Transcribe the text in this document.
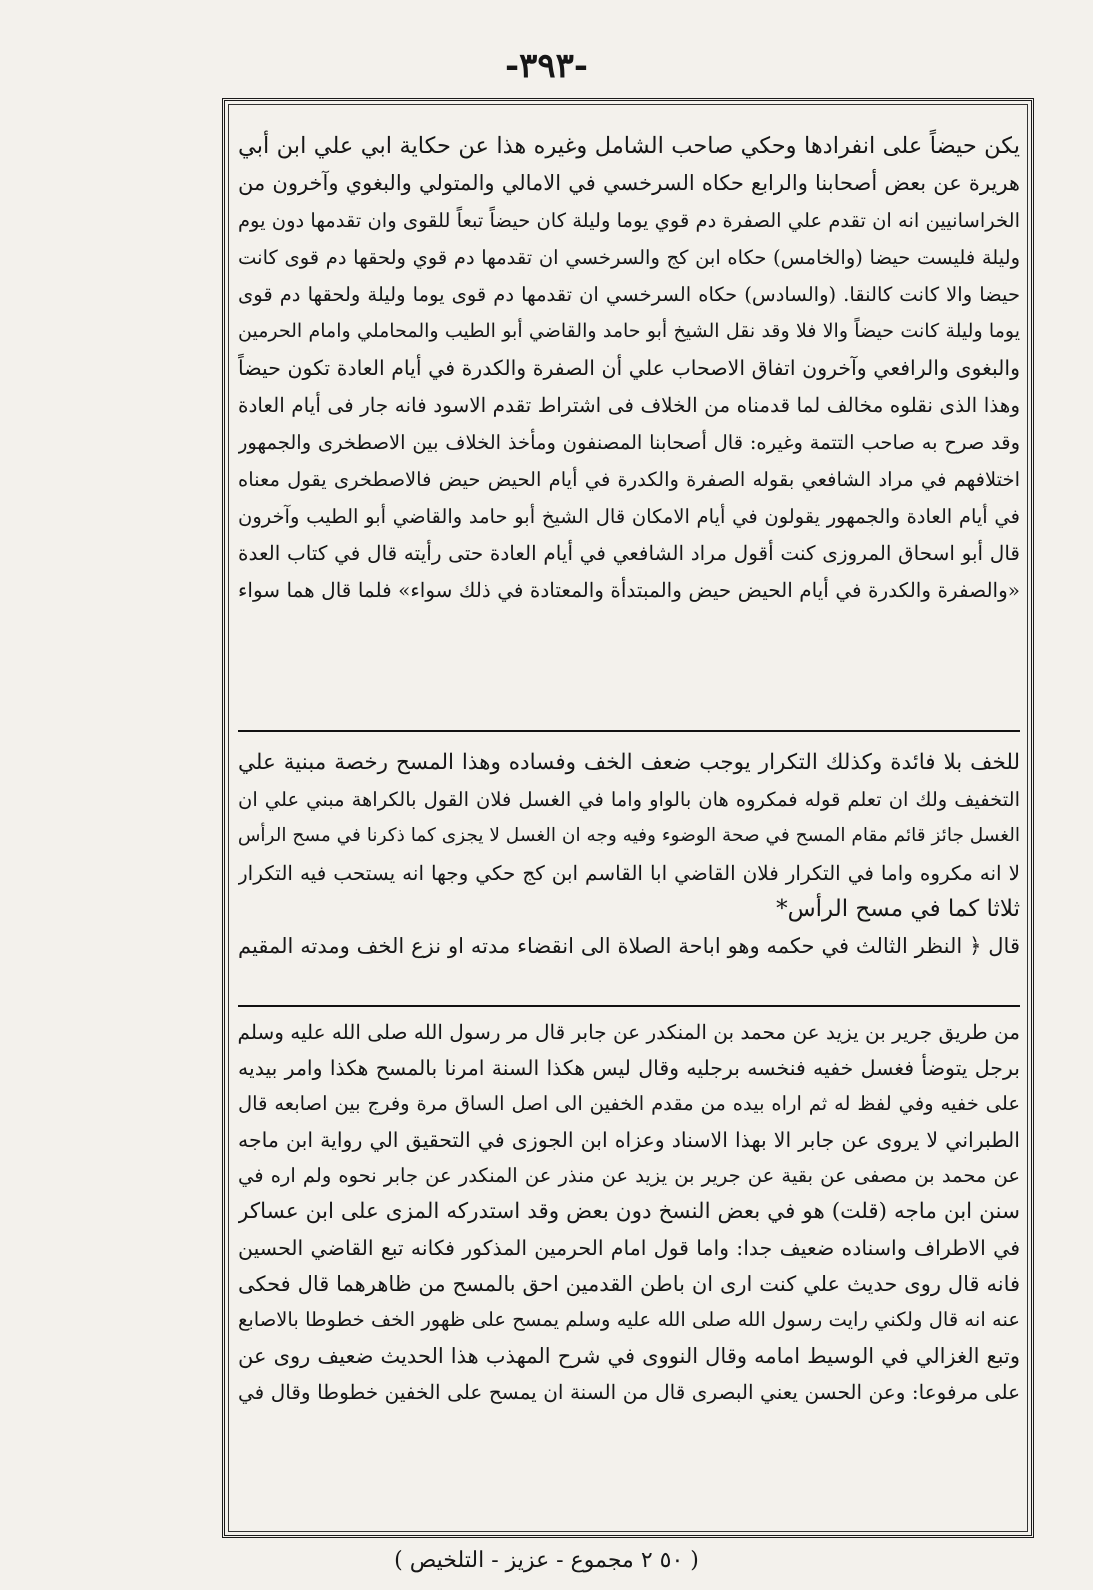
-٣٩٣-
يكن حيضاً على انفرادها وحكي صاحب الشامل وغيره هذا عن حكاية ابي علي ابن أبي
هريرة عن بعض أصحابنا والرابع حكاه السرخسي في الامالي والمتولي والبغوي وآخرون من
الخراسانيين انه ان تقدم علي الصفرة دم قوي يوما وليلة كان حيضاً تبعاً للقوى وان تقدمها دون يوم
وليلة فليست حيضا (والخامس) حكاه ابن كج والسرخسي ان تقدمها دم قوي ولحقها دم قوى كانت
حيضا والا كانت كالنقا. (والسادس) حكاه السرخسي ان تقدمها دم قوى يوما وليلة ولحقها دم قوى
يوما وليلة كانت حيضاً والا فلا وقد نقل الشيخ أبو حامد والقاضي أبو الطيب والمحاملي وامام الحرمين
والبغوى والرافعي وآخرون اتفاق الاصحاب علي أن الصفرة والكدرة في أيام العادة تكون حيضاً
وهذا الذى نقلوه مخالف لما قدمناه من الخلاف فى اشتراط تقدم الاسود فانه جار فى أيام العادة
وقد صرح به صاحب التتمة وغيره: قال أصحابنا المصنفون ومأخذ الخلاف بين الاصطخرى والجمهور
اختلافهم في مراد الشافعي بقوله الصفرة والكدرة في أيام الحيض حيض فالاصطخرى يقول معناه
في أيام العادة والجمهور يقولون في أيام الامكان قال الشيخ أبو حامد والقاضي أبو الطيب وآخرون
قال أبو اسحاق المروزى كنت أقول مراد الشافعي في أيام العادة حتى رأيته قال في كتاب العدة
«والصفرة والكدرة في أيام الحيض حيض والمبتدأة والمعتادة في ذلك سواء» فلما قال هما سواء
للخف بلا فائدة وكذلك التكرار يوجب ضعف الخف وفساده وهذا المسح رخصة مبنية علي
التخفيف ولك ان تعلم قوله فمكروه هان بالواو واما في الغسل فلان القول بالكراهة مبني علي ان
الغسل جائز قائم مقام المسح في صحة الوضوء وفيه وجه ان الغسل لا يجزى كما ذكرنا في مسح الرأس
لا انه مكروه واما في التكرار فلان القاضي ابا القاسم ابن كج حكي وجها انه يستحب فيه التكرار
ثلاثا كما في مسح الرأس*
قال ﴿ النظر الثالث في حكمه وهو اباحة الصلاة الى انقضاء مدته او نزع الخف ومدته المقيم
من طريق جرير بن يزيد عن محمد بن المنكدر عن جابر قال مر رسول الله صلى الله عليه وسلم
برجل يتوضأ فغسل خفيه فنخسه برجليه وقال ليس هكذا السنة امرنا بالمسح هكذا وامر بيديه
على خفيه وفي لفظ له ثم اراه بيده من مقدم الخفين الى اصل الساق مرة وفرج بين اصابعه قال
الطبراني لا يروى عن جابر الا بهذا الاسناد وعزاه ابن الجوزى في التحقيق الي رواية ابن ماجه
عن محمد بن مصفى عن بقية عن جرير بن يزيد عن منذر عن المنكدر عن جابر نحوه ولم اره في
سنن ابن ماجه (قلت) هو في بعض النسخ دون بعض وقد استدركه المزى على ابن عساكر
في الاطراف واسناده ضعيف جدا: واما قول امام الحرمين المذكور فكانه تبع القاضي الحسين
فانه قال روى حديث علي كنت ارى ان باطن القدمين احق بالمسح من ظاهرهما قال فحكى
عنه انه قال ولكني رايت رسول الله صلى الله عليه وسلم يمسح على ظهور الخف خطوطا بالاصابع
وتبع الغزالي في الوسيط امامه وقال النووى في شرح المهذب هذا الحديث ضعيف روى عن
على مرفوعا: وعن الحسن يعني البصرى قال من السنة ان يمسح على الخفين خطوطا وقال في
( ٥٠ ٢ مجموع - عزيز - التلخيص )
